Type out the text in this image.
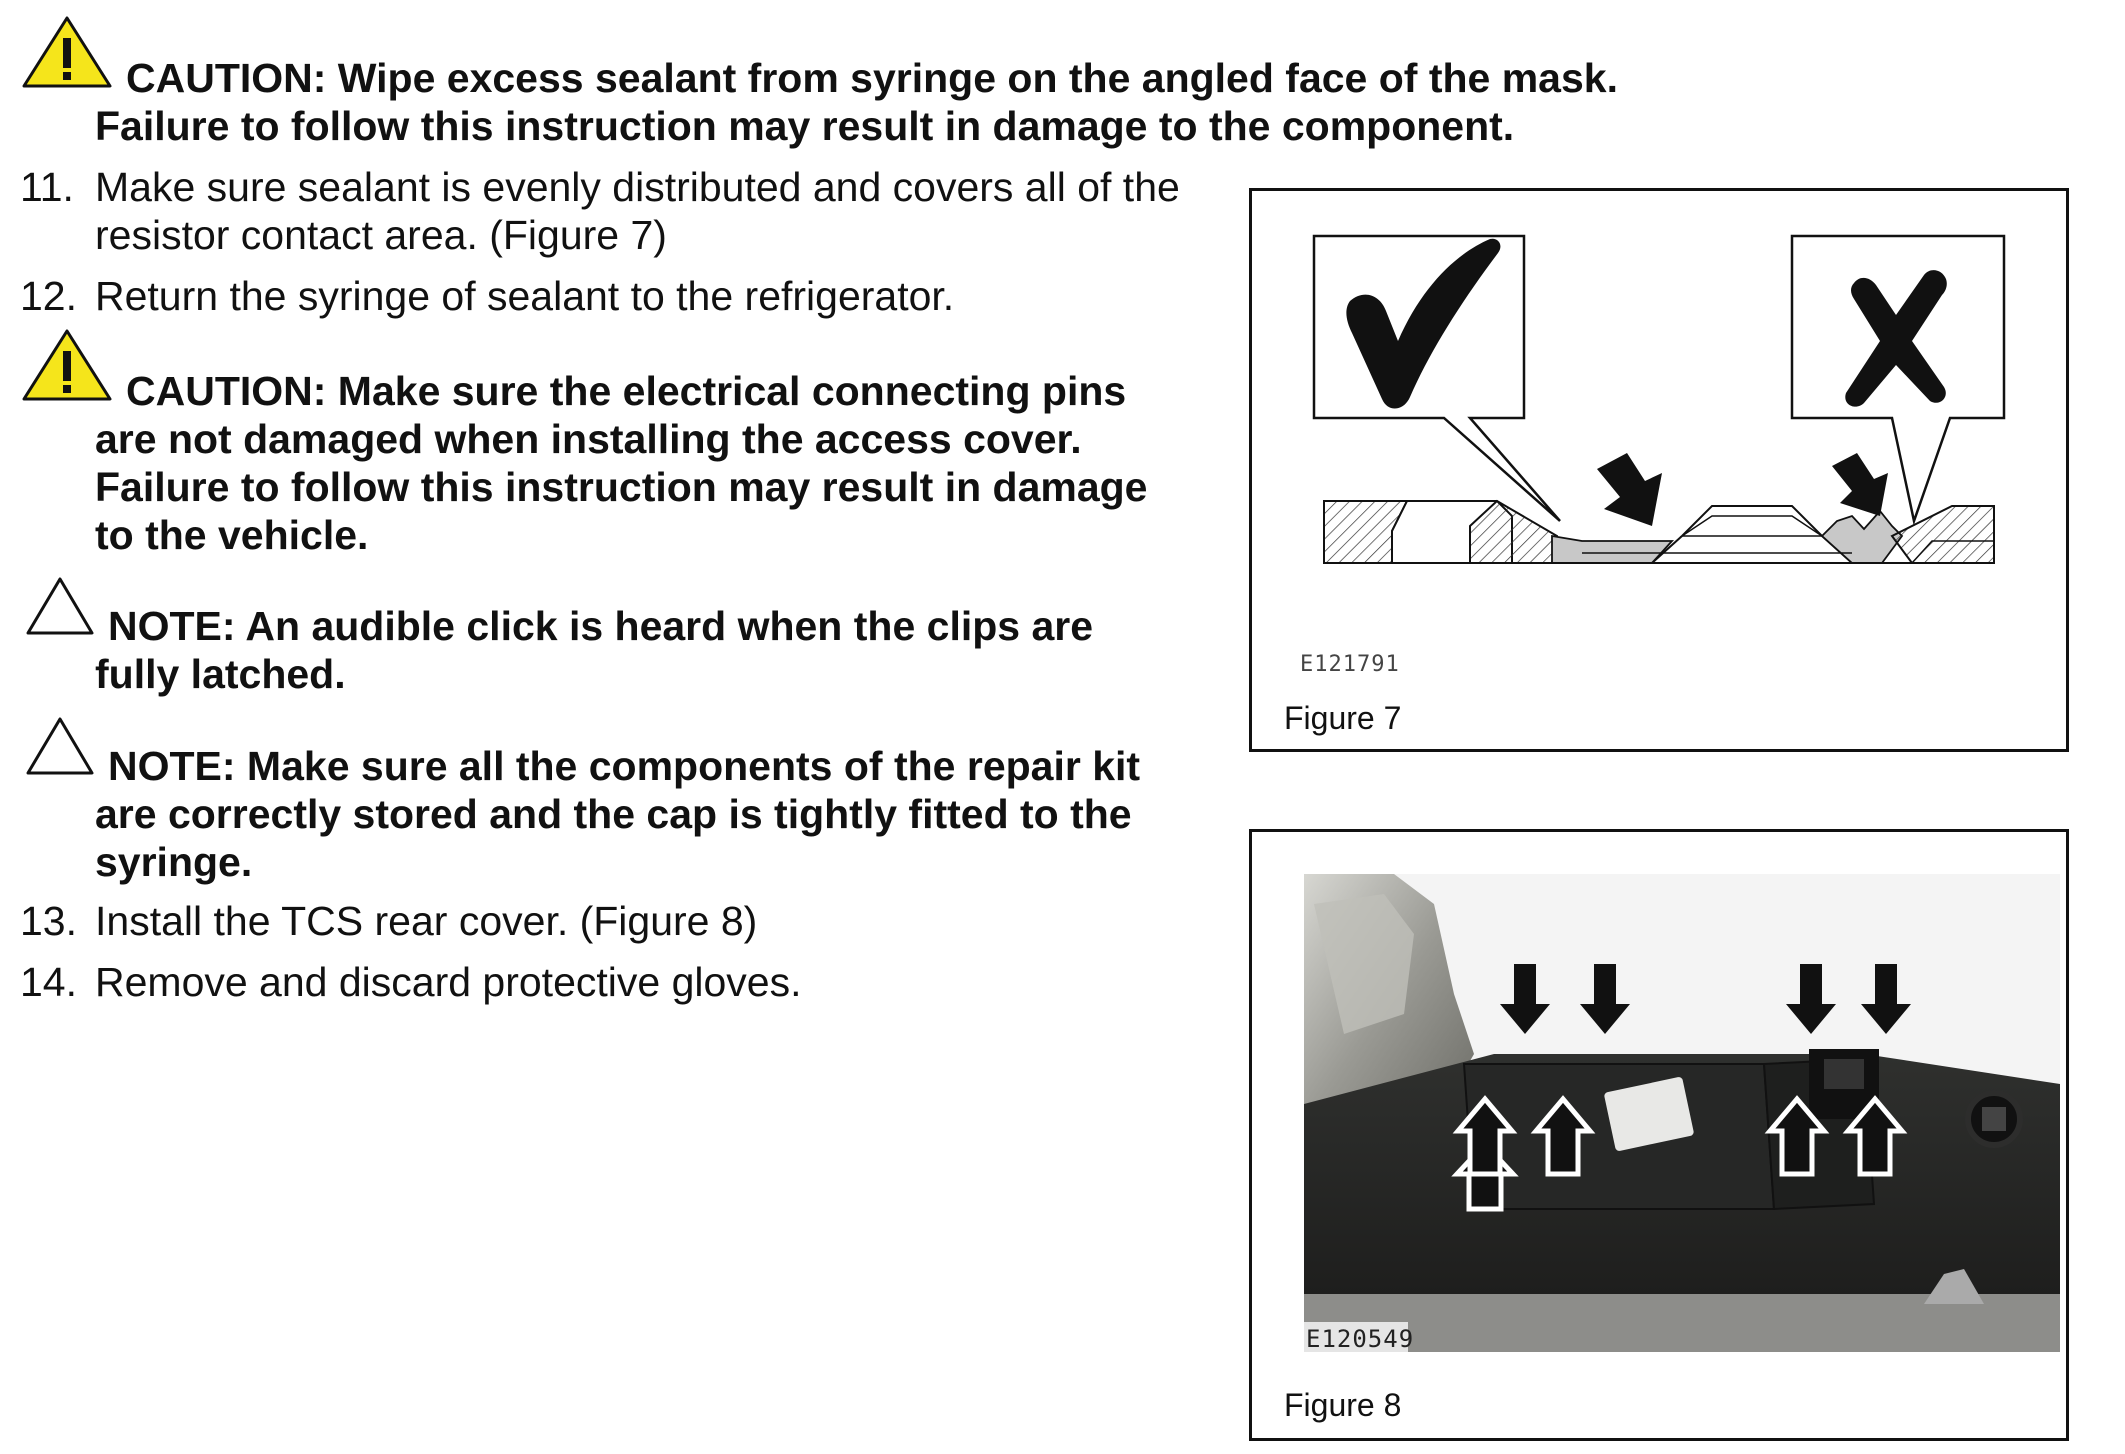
CAUTION: Wipe excess sealant from syringe on the angled face of the mask.
Failure to follow this instruction may result in damage to the component.
11. Make sure sealant is evenly distributed and covers all of the
resistor contact area. (Figure 7)
12. Return the syringe of sealant to the refrigerator.
CAUTION: Make sure the electrical connecting pins
are not damaged when installing the access cover.
Failure to follow this instruction may result in damage
to the vehicle.
NOTE: An audible click is heard when the clips are
fully latched.
NOTE: Make sure all the components of the repair kit
are correctly stored and the cap is tightly fitted to the
syringe.
13. Install the TCS rear cover. (Figure 8)
14. Remove and discard protective gloves.
E121791
Figure 7
E120549
Figure 8
